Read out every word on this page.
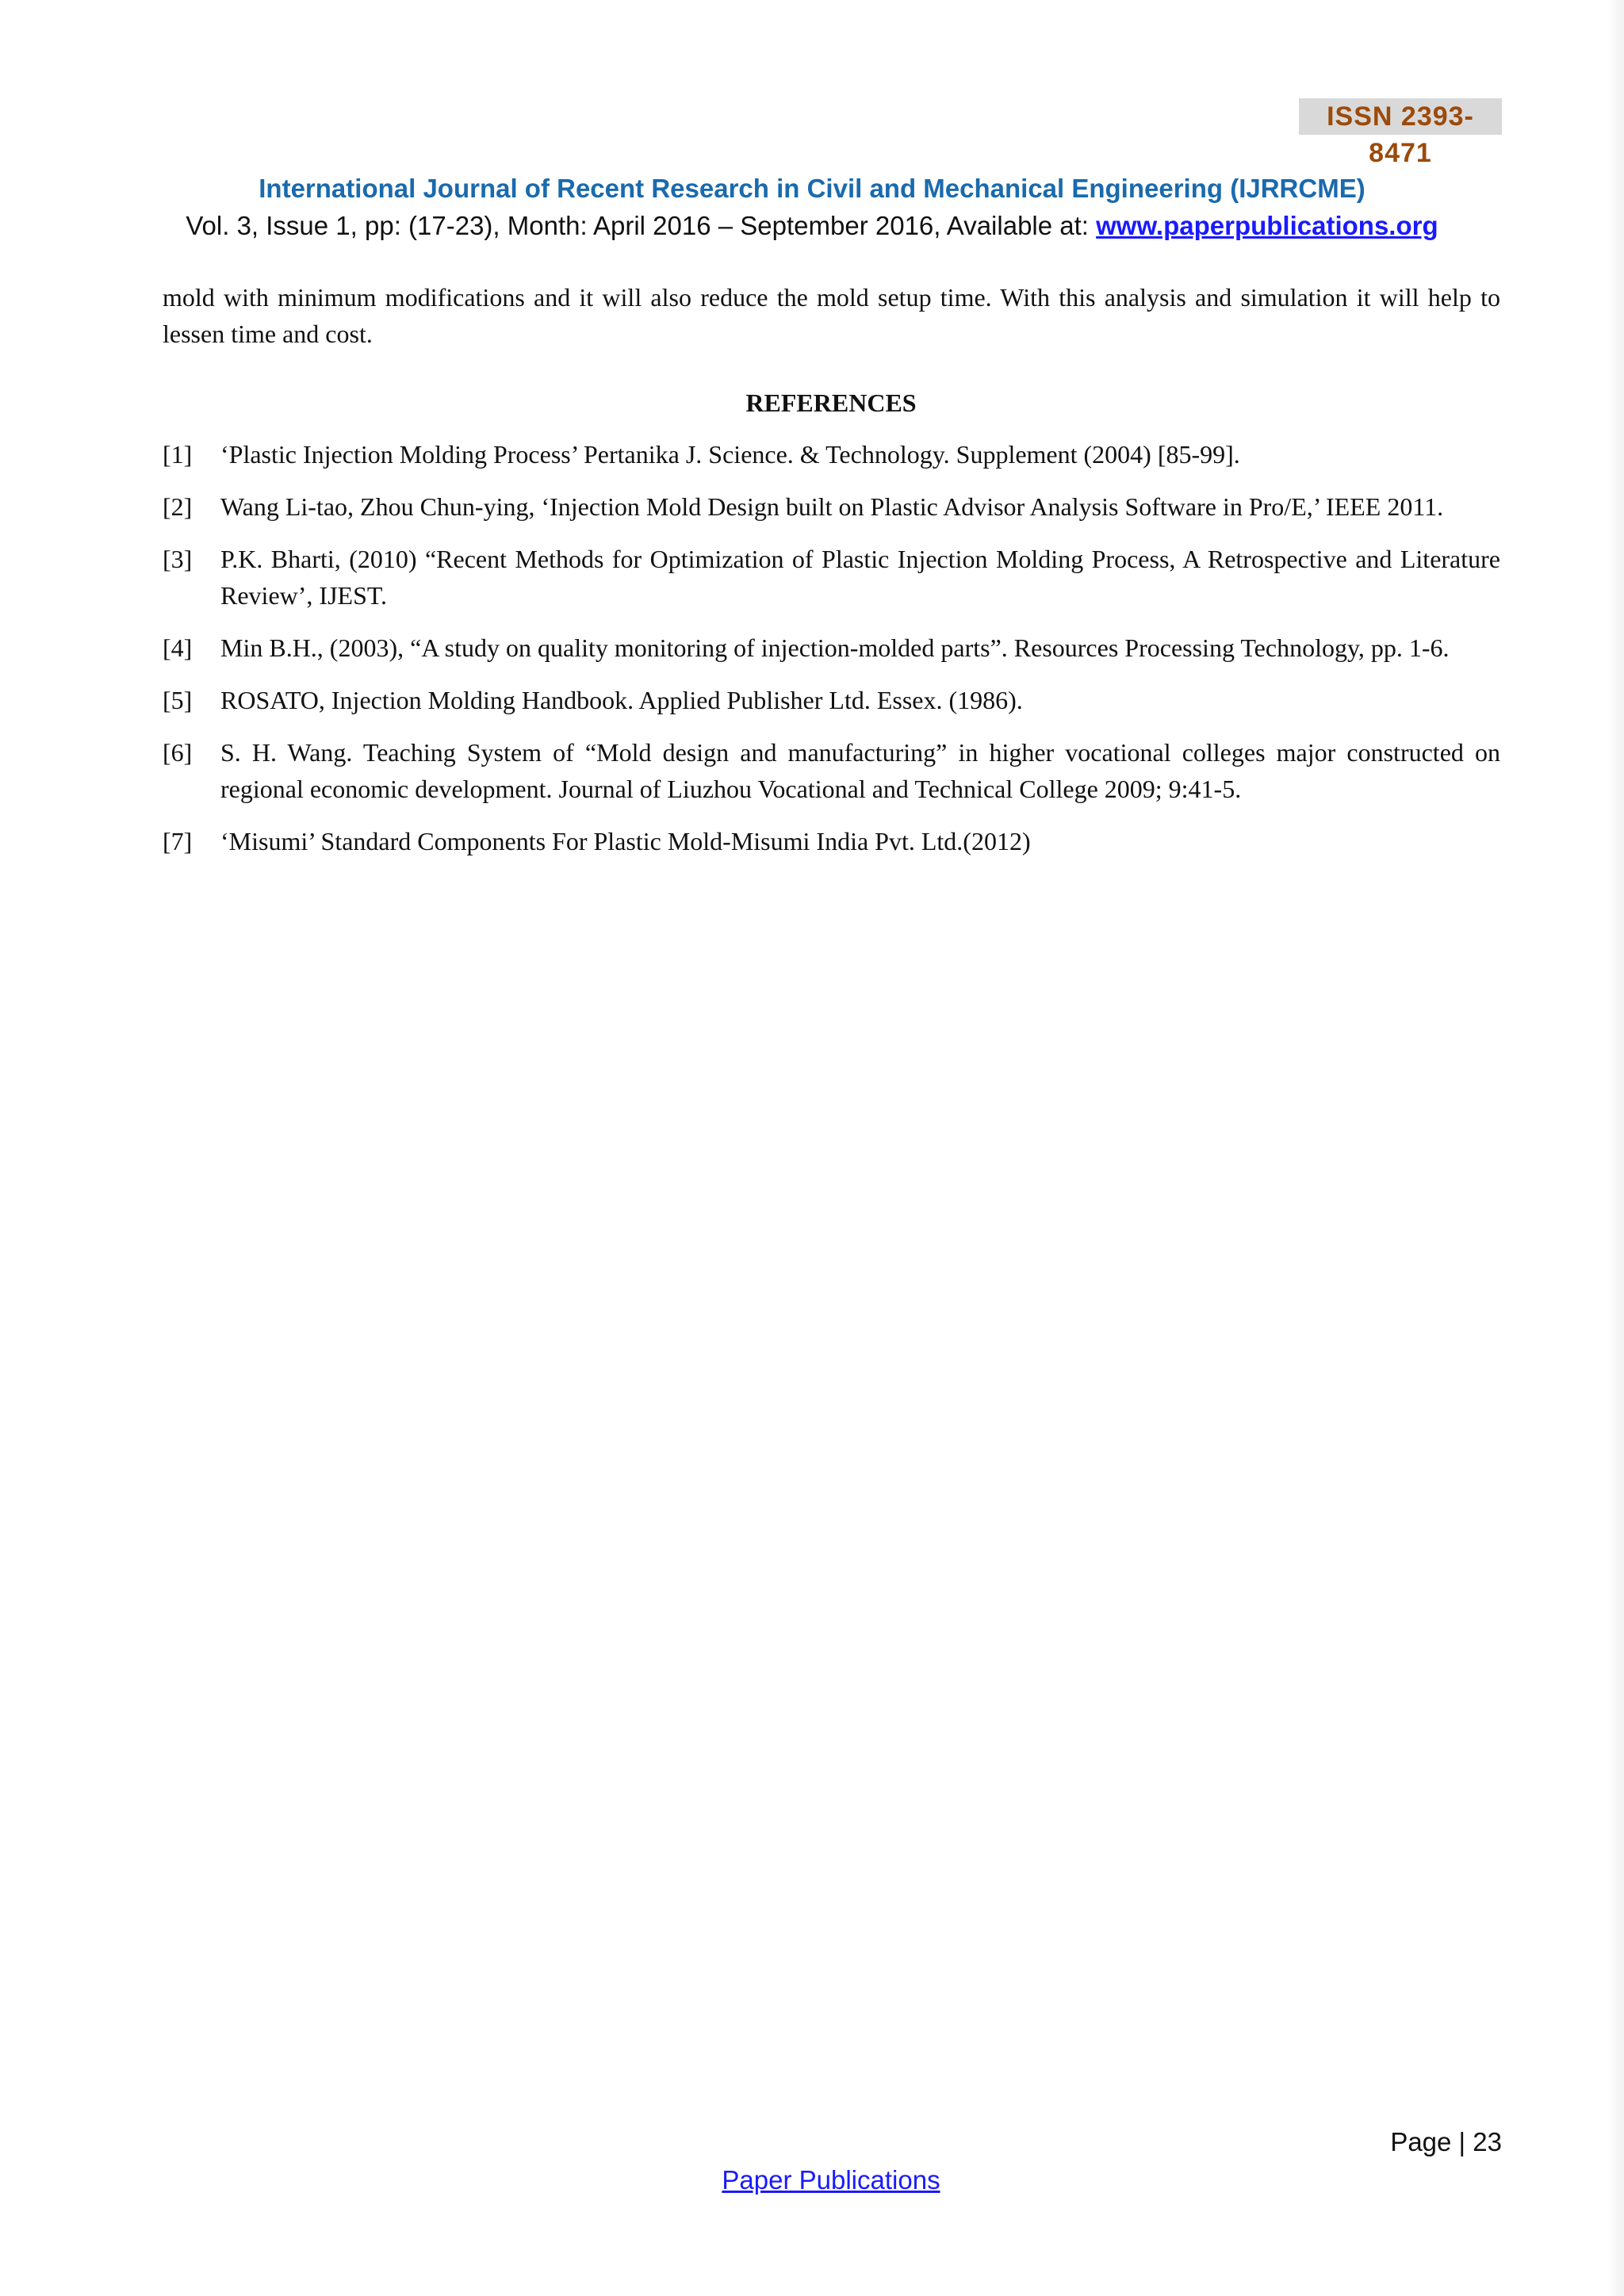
ISSN 2393-8471
International Journal of Recent Research in Civil and Mechanical Engineering (IJRRCME)
Vol. 3, Issue 1, pp: (17-23), Month: April 2016 – September 2016, Available at: www.paperpublications.org

mold with minimum modifications and it will also reduce the mold setup time. With this analysis and simulation it will help to lessen time and cost.

REFERENCES
[1] ‘Plastic Injection Molding Process’ Pertanika J. Science. & Technology. Supplement (2004) [85-99].
[2] Wang Li-tao, Zhou Chun-ying, ‘Injection Mold Design built on Plastic Advisor Analysis Software in Pro/E,’ IEEE 2011.
[3] P.K. Bharti, (2010) “Recent Methods for Optimization of Plastic Injection Molding Process, A Retrospective and Literature Review’, IJEST.
[4] Min B.H., (2003), “A study on quality monitoring of injection-molded parts”. Resources Processing Technology, pp. 1-6.
[5] ROSATO, Injection Molding Handbook. Applied Publisher Ltd. Essex. (1986).
[6] S. H. Wang. Teaching System of “Mold design and manufacturing” in higher vocational colleges major constructed on regional economic development. Journal of Liuzhou Vocational and Technical College 2009; 9:41-5.
[7] ‘Misumi’ Standard Components For Plastic Mold-Misumi India Pvt. Ltd.(2012)
Page | 23
Paper Publications
